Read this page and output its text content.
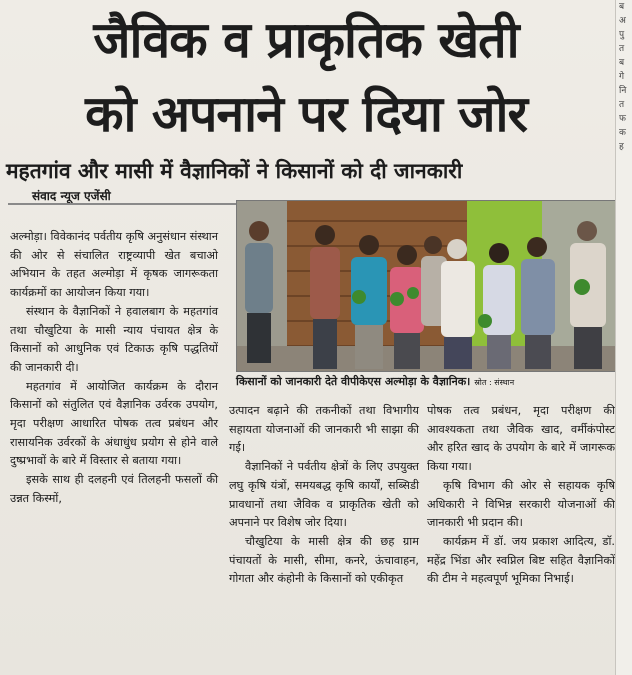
जैविक व प्राकृतिक खेती
को अपनाने पर दिया जोर
महतगांव और मासी में वैज्ञानिकों ने किसानों को दी जानकारी
संवाद न्यूज एजेंसी

अल्मोड़ा। विवेकानंद पर्वतीय कृषि अनुसंधान संस्थान की ओर से संचालित राष्ट्रव्यापी खेत बचाओ अभियान के तहत अल्मोड़ा में कृषक जागरूकता कार्यक्रमों का आयोजन किया गया।

संस्थान के वैज्ञानिकों ने हवालबाग के महतगांव तथा चौखुटिया के मासी न्याय पंचायत क्षेत्र के किसानों को आधुनिक एवं टिकाऊ कृषि पद्धतियों की जानकारी दी।

महतगांव में आयोजित कार्यक्रम के दौरान किसानों को संतुलित एवं वैज्ञानिक उर्वरक उपयोग, मृदा परीक्षण आधारित पोषक तत्व प्रबंधन और रासायनिक उर्वरकों के अंधाधुंध प्रयोग से होने वाले दुष्प्रभावों के बारे में विस्तार से बताया गया।

इसके साथ ही दलहनी एवं तिलहनी फसलों की उन्नत किस्मों,

किसानों को जानकारी देते वीपीकेएस अल्मोड़ा के वैज्ञानिक। स्रोत : संस्थान

उत्पादन बढ़ाने की तकनीकों तथा विभागीय सहायता योजनाओं की जानकारी भी साझा की गई।

वैज्ञानिकों ने पर्वतीय क्षेत्रों के लिए उपयुक्त लघु कृषि यंत्रों, समयबद्ध कृषि कार्यों, सब्सिडी प्रावधानों तथा जैविक व प्राकृतिक खेती को अपनाने पर विशेष जोर दिया।

चौखुटिया के मासी क्षेत्र की छह ग्राम पंचायतों के मासी, सीमा, कनरे, ऊंचावाहन, गोगता और कंहोनी के किसानों को एकीकृत

पोषक तत्व प्रबंधन, मृदा परीक्षण की आवश्यकता तथा जैविक खाद, वर्मीकंपोस्ट और हरित खाद के उपयोग के बारे में जागरूक किया गया।

कृषि विभाग की ओर से सहायक कृषि अधिकारी ने विभिन्न सरकारी योजनाओं की जानकारी भी प्रदान की।

कार्यक्रम में डॉ. जय प्रकाश आदित्य, डॉ. महेंद्र भिंडा और स्वप्निल बिष्ट सहित वैज्ञानिकों की टीम ने महत्वपूर्ण भूमिका निभाई।

ब
अ
पु
त
ब
गे
नि
त
फ
क
ह
